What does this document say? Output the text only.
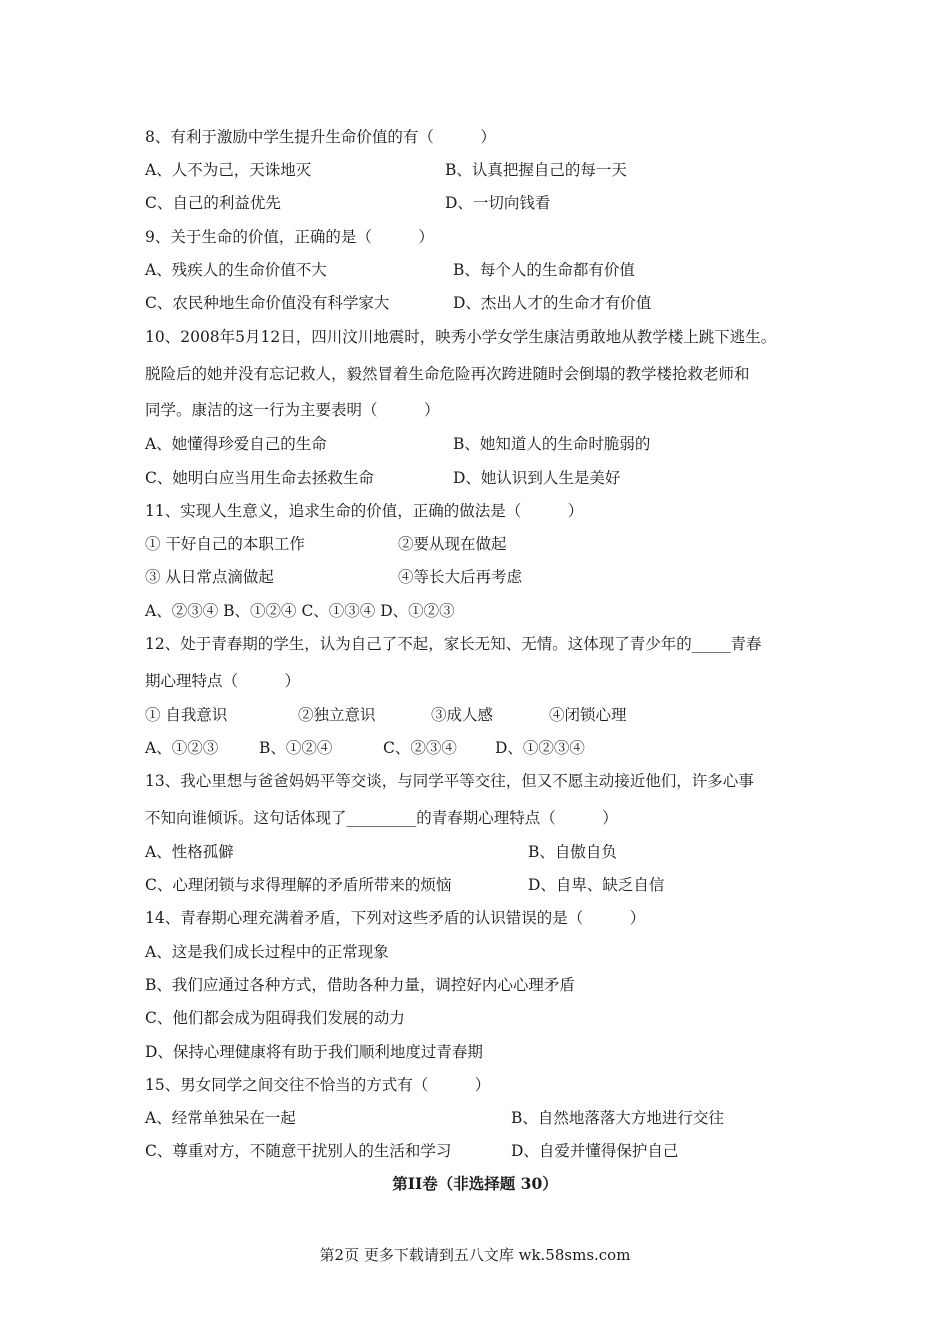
8、有利于激励中学生提升生命价值的有（　　　）
A、人不为己，天诛地灭	B、认真把握自己的每一天
C、自己的利益优先	D、一切向钱看
9、关于生命的价值，正确的是（　　　）
A、残疾人的生命价值不大	B、每个人的生命都有价值
C、农民种地生命价值没有科学家大	D、杰出人才的生命才有价值
10、2008年5月12日，四川汶川地震时，映秀小学女学生康洁勇敢地从教学楼上跳下逃生。
脱险后的她并没有忘记救人，毅然冒着生命危险再次跨进随时会倒塌的教学楼抢救老师和
同学。康洁的这一行为主要表明（　　　）
A、她懂得珍爱自己的生命	B、她知道人的生命时脆弱的
C、她明白应当用生命去拯救生命	D、她认识到人生是美好
11、实现人生意义，追求生命的价值，正确的做法是（　　　）
① 干好自己的本职工作	②要从现在做起
③ 从日常点滴做起	④等长大后再考虑
A、②③④ B、①②④ C、①③④ D、①②③
12、处于青春期的学生，认为自己了不起，家长无知、无情。这体现了青少年的_____青春
期心理特点（　　　）
① 自我意识	②独立意识	③成人感	④闭锁心理
A、①②③	B、①②④	C、②③④ D、①②③④
13、我心里想与爸爸妈妈平等交谈，与同学平等交往，但又不愿主动接近他们，许多心事
不知向谁倾诉。这句话体现了_________的青春期心理特点（　　　）
A、性格孤僻	B、自傲自负
C、心理闭锁与求得理解的矛盾所带来的烦恼	D、自卑、缺乏自信
14、青春期心理充满着矛盾，下列对这些矛盾的认识错误的是（　　　）
A、这是我们成长过程中的正常现象
B、我们应通过各种方式，借助各种力量，调控好内心心理矛盾
C、他们都会成为阻碍我们发展的动力
D、保持心理健康将有助于我们顺利地度过青春期
15、男女同学之间交往不恰当的方式有（　　　）
A、经常单独呆在一起	B、自然地落落大方地进行交往
C、尊重对方，不随意干扰别人的生活和学习	D、自爱并懂得保护自己
第II卷（非选择题 30）
第2页 更多下载请到五八文库 wk.58sms.com
